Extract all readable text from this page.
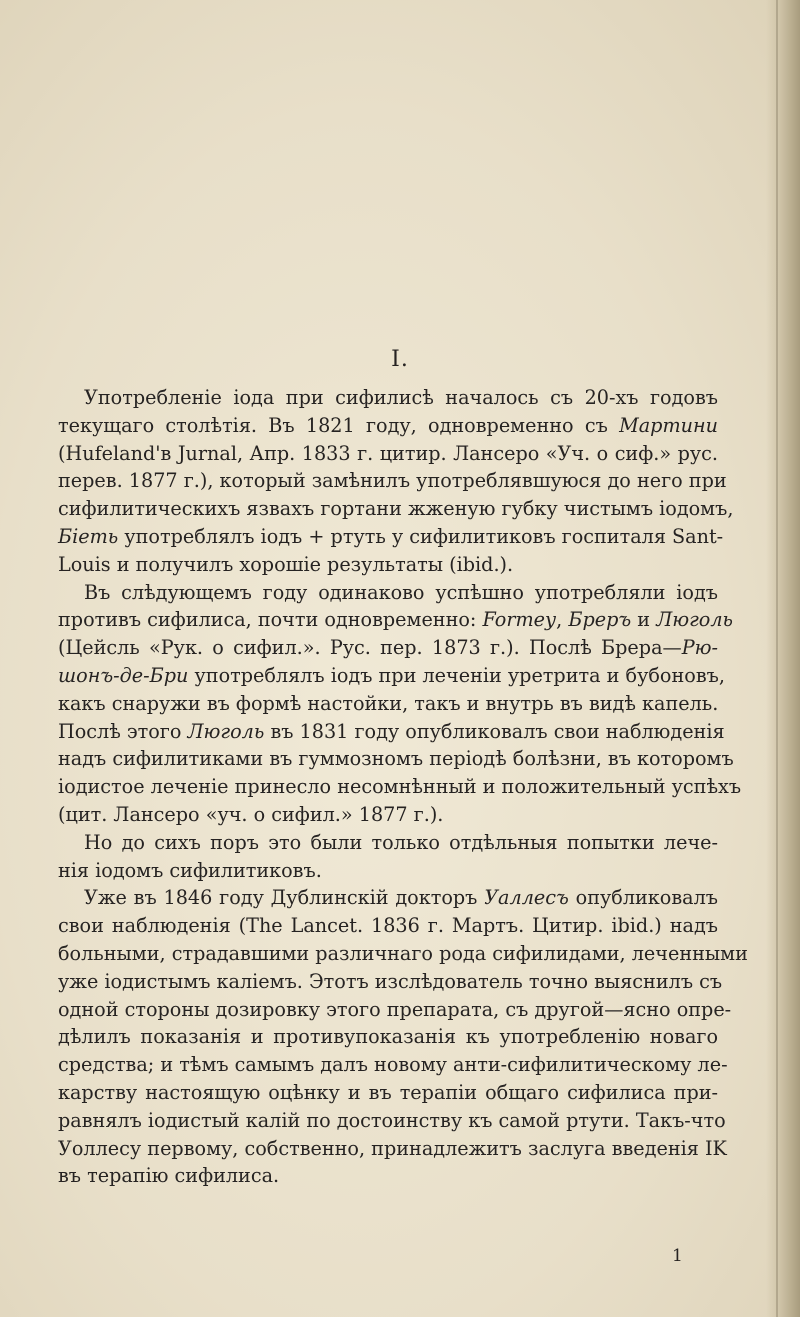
I.

Употребленіе іода при сифилисѣ началось съ 20-хъ годовъ
текущаго столѣтія. Въ 1821 году, одновременно съ Мартини
(Hufeland'в Jurnal, Апр. 1833 г. цитир. Лансеро «Уч. о сиф.» рус.
перев. 1877 г.), который замѣнилъ употреблявшуюся до него при
сифилитическихъ язвахъ гортани жженую губку чистымъ іодомъ,
Біеть употреблялъ іодъ + ртуть у сифилитиковъ госпиталя Sant-
Louis и получилъ хорошіе результаты (ibid.).

Въ слѣдующемъ году одинаково успѣшно употребляли іодъ
противъ сифилиса, почти одновременно: Forтеу, Бреръ и Люголь
(Цейсль «Рук. о сифил.». Рус. пер. 1873 г.). Послѣ Брера—Рю-
шонъ-де-Бри употреблялъ іодъ при леченіи уретрита и бубоновъ,
какъ снаружи въ формѣ настойки, такъ и внутрь въ видѣ капель.
Послѣ этого Люголь въ 1831 году опубликовалъ свои наблюденія
надъ сифилитиками въ гуммозномъ періодѣ болѣзни, въ которомъ
іодистое леченіе принесло несомнѣнный и положительный успѣхъ
(цит. Лансеро «уч. о сифил.» 1877 г.).

Но до сихъ поръ это были только отдѣльныя попытки лече-
нія іодомъ сифилитиковъ.

Уже въ 1846 году Дублинскій докторъ Уаллесъ опубликовалъ
свои наблюденія (The Lancet. 1836 г. Мартъ. Цитир. ibid.) надъ
больными, страдавшими различнаго рода сифилидами, леченными
уже іодистымъ каліемъ. Этотъ изслѣдователь точно выяснилъ съ
одной стороны дозировку этого препарата, съ другой—ясно опре-
дѣлилъ показанія и противупоказанія къ употребленію новаго
средства; и тѣмъ самымъ далъ новому анти-сифилитическому ле-
карству настоящую оцѣнку и въ терапіи общаго сифилиса при-
равнялъ іодистый калій по достоинству къ самой ртути. Такъ-что
Уоллесу первому, собственно, принадлежитъ заслуга введенія IK
въ терапію сифилиса.

1
